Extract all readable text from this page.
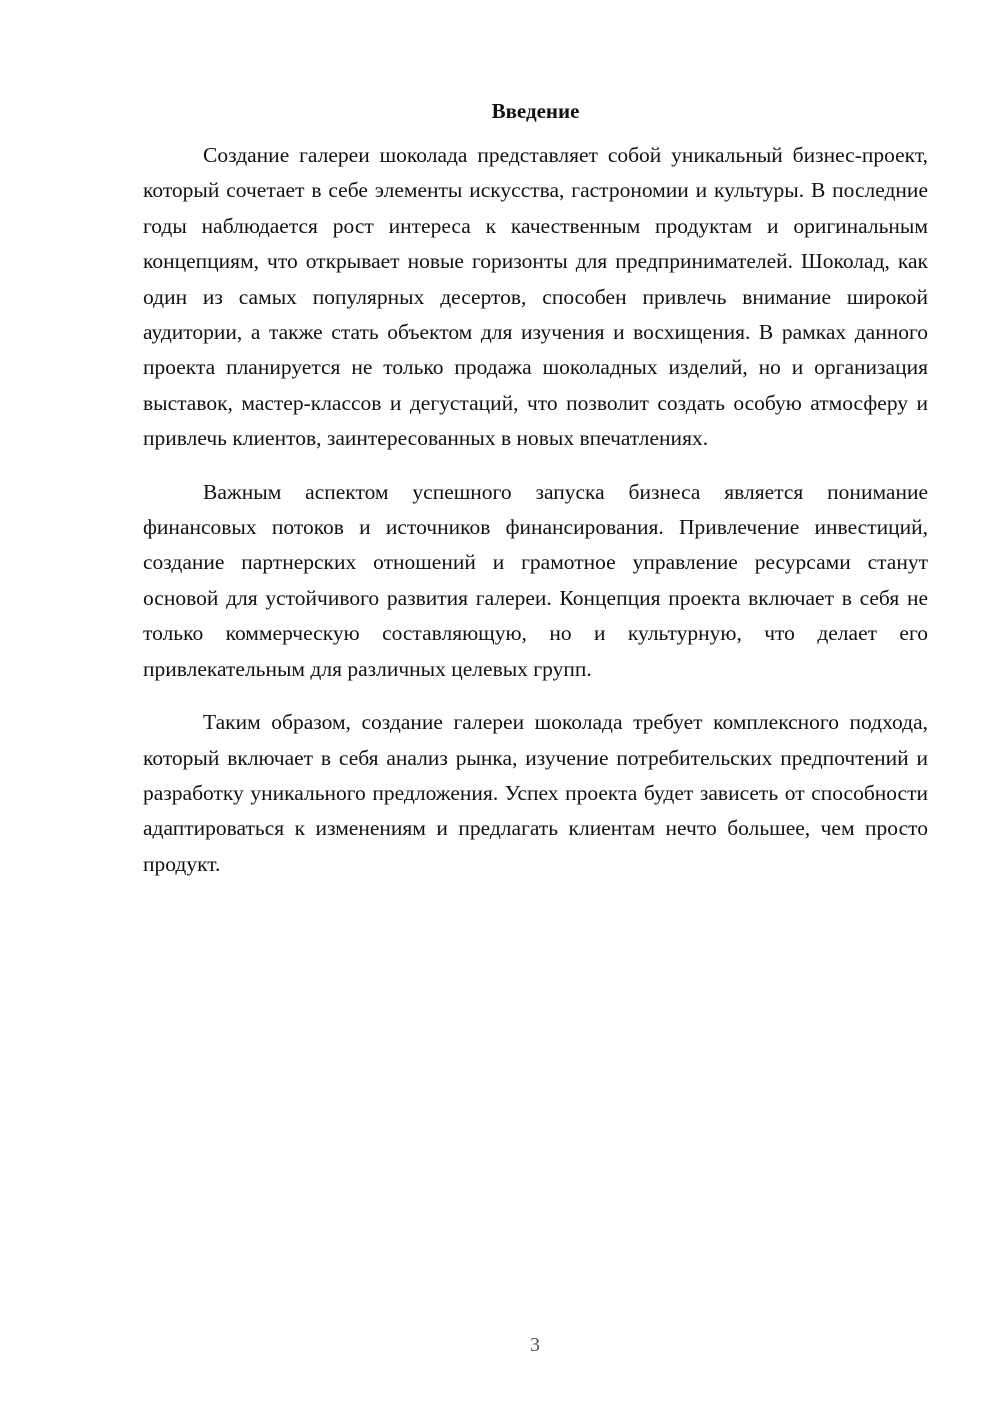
Введение

Создание галереи шоколада представляет собой уникальный бизнес-проект, который сочетает в себе элементы искусства, гастрономии и культуры. В последние годы наблюдается рост интереса к качественным продуктам и оригинальным концепциям, что открывает новые горизонты для предпринимателей. Шоколад, как один из самых популярных десертов, способен привлечь внимание широкой аудитории, а также стать объектом для изучения и восхищения. В рамках данного проекта планируется не только продажа шоколадных изделий, но и организация выставок, мастер-классов и дегустаций, что позволит создать особую атмосферу и привлечь клиентов, заинтересованных в новых впечатлениях.

Важным аспектом успешного запуска бизнеса является понимание финансовых потоков и источников финансирования. Привлечение инвестиций, создание партнерских отношений и грамотное управление ресурсами станут основой для устойчивого развития галереи. Концепция проекта включает в себя не только коммерческую составляющую, но и культурную, что делает его привлекательным для различных целевых групп.

Таким образом, создание галереи шоколада требует комплексного подхода, который включает в себя анализ рынка, изучение потребительских предпочтений и разработку уникального предложения. Успех проекта будет зависеть от способности адаптироваться к изменениям и предлагать клиентам нечто большее, чем просто продукт.

3
